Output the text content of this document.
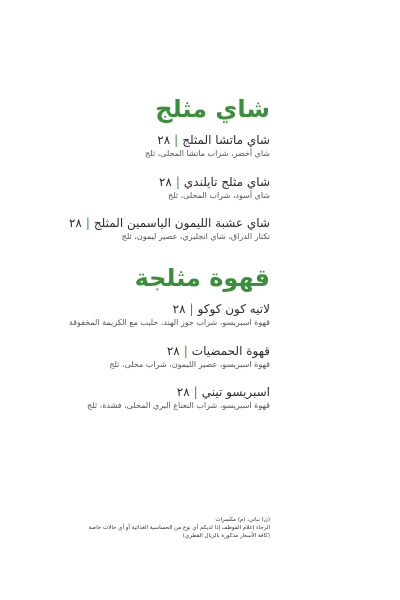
شاي مثلج
شاي ماتشا المثلج|٢٨
شاي أخضر، شراب ماتشا المحلى، ثلج
شاي مثلج تايلندي|٢٨
شاي أسود، شراب المحلى، ثلج
شاي عشبة الليمون الياسمين المثلج|٢٨
تكتار الدراق، شاي انجليزي، عصير ليمون، ثلج
قهوة مثلجة
لاتيه كون كوكو|٢٨
قهوة اسبريسو، شراب جوز الهند، حليب مع الكريمة المخفوقة
قهوة الحمضيات|٢٨
قهوة اسبريسو، عصير الليمون، شراب محلى، ثلج
اسبريسو تيني|٢٨
قهوة اسبريسو، شراب النعناع البري المحلى، فشدة، ثلج
(ن) نباتي، (م) مكسرات
الرجاء إعلام الموظف إذا لديكم أي نوع من الحساسية الغذائية أو أي حالات خاصة
(كافة الأسعار مذكورة بالريال القطري)
